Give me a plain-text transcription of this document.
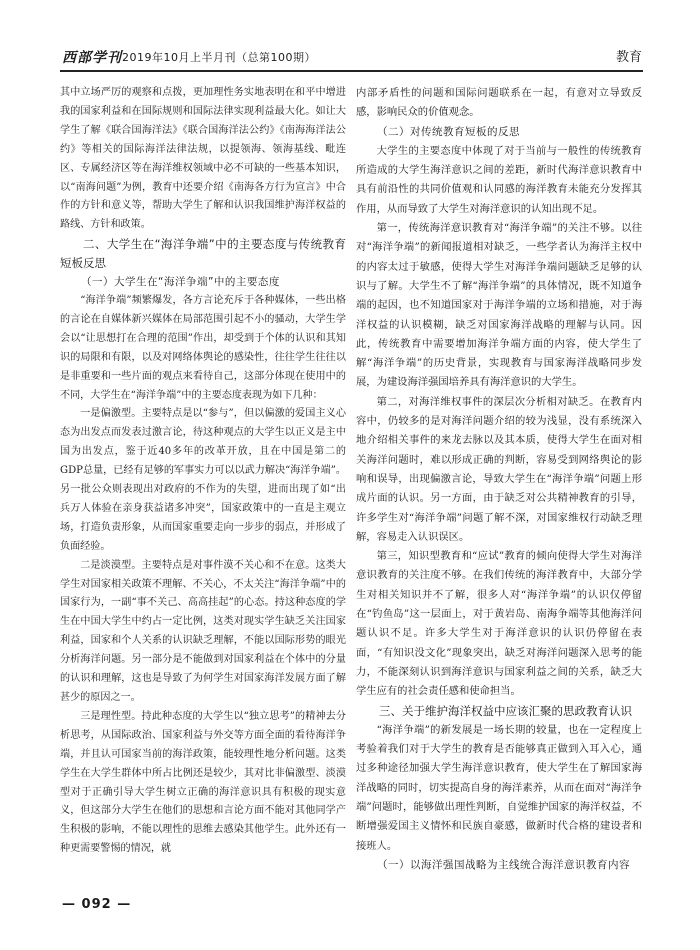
西部学刊 2019年10月上半月刊（总第100期）	教育

其中立场严厉的观察和点拨，更加理性务实地表明在和平中增进我的国家利益和在国际规则和国际法律实现利益最大化。如让大学生了解《联合国海洋法》《联合国海洋法公约》《南海海洋法公约》等相关的国际海洋法律法规，以提领海、领海基线、毗连区、专属经济区等在海洋维权领域中必不可缺的一些基本知识，以“南海问题”为例，教育中还要介绍《南海各方行为宣言》中合作的方针和意义等，帮助大学生了解和认识我国维护海洋权益的路线、方针和政策。

二、大学生在“海洋争端”中的主要态度与传统教育短板反思

（一）大学生在“海洋争端”中的主要态度

“海洋争端”频繁爆发，各方言论充斥于各种媒体，一些出格的言论在自媒体新兴媒体在局部范围引起不小的骚动，大学生学会以“让思想打在合理的范围”作出，却受到于个体的认识和其知识的局限和有限，以及对网络体舆论的感染性，往往学生往往以是非重要和一些片面的观点来看待自己，这部分体现在使用中的不同，大学生在“海洋争端”中的主要态度表现为如下几种：

一是偏激型。主要特点是以“参与”，但以偏激的爱国主义心态为出发点而发表过激言论，待这种观点的大学生以正义是主中国为出发点，鉴于近40多年的改革开放，且在中国是第二的GDP总量，已经有足够的军事实力可以以武力解决“海洋争端”。另一批公众则表现出对政府的不作为的失望，进而出现了如“出兵万人体验在亲身获益诸多冲突”，国家政策中的一直是主观立场，打造负责形象，从而国家重要走向一步步的弱点，并形成了负面经验。

二是淡漠型。主要特点是对事件漠不关心和不在意。这类大学生对国家相关政策不理解、不关心，不太关注“海洋争端”中的国家行为，一副“事不关己、高高挂起”的心态。持这种态度的学生在中国大学生中约占一定比例，这类对现实学生缺乏关注国家利益，国家和个人关系的认识缺乏理解，不能以国际形势的眼光分析海洋问题。另一部分是不能做到对国家利益在个体中的分量的认识和理解，这也是导致了为何学生对国家海洋发展方面了解甚少的原因之一。

三是理性型。持此种态度的大学生以“独立思考”的精神去分析思考，从国际政治、国家利益与外交等方面全面的看待海洋争端，并且认可国家当前的海洋政策，能较理性地分析问题。这类学生在大学生群体中所占比例还是较少，其对比非偏激型、淡漠型对于正确引导大学生树立正确的海洋意识具有积极的现实意义，但这部分大学生在他们的思想和言论方面不能对其他同学产生积极的影响，不能以理性的思维去感染其他学生。此外还有一种更需要警惕的情况，就

内部矛盾性的问题和国际问题联系在一起，有意对立导致反感，影响民众的价值观念。

（二）对传统教育短板的反思

大学生的主要态度中体现了对于当前与一般性的传统教育所造成的大学生海洋意识之间的差距，新时代海洋意识教育中具有前沿性的共同价值观和认同感的海洋教育未能充分发挥其作用，从而导致了大学生对海洋意识的认知出现不足。

第一，传统海洋意识教育对“海洋争端”的关注不够。以往对“海洋争端”的新闻报道相对缺乏，一些学者认为海洋主权中的内容太过于敏感，使得大学生对海洋争端问题缺乏足够的认识与了解。大学生不了解“海洋争端”的具体情况，既不知道争端的起因，也不知道国家对于海洋争端的立场和措施，对于海洋权益的认识模糊，缺乏对国家海洋战略的理解与认同。因此，传统教育中需要增加海洋争端方面的内容，使大学生了解“海洋争端”的历史背景，实现教育与国家海洋战略同步发展，为建设海洋强国培养具有海洋意识的大学生。

第二，对海洋维权事件的深层次分析相对缺乏。在教育内容中，仍较多的是对海洋问题介绍的较为浅显，没有系统深入地介绍相关事件的来龙去脉以及其本质，使得大学生在面对相关海洋问题时，难以形成正确的判断，容易受到网络舆论的影响和误导，出现偏激言论，导致大学生在“海洋争端”问题上形成片面的认识。另一方面，由于缺乏对公共精神教育的引导，许多学生对“海洋争端”问题了解不深，对国家维权行动缺乏理解，容易走入认识误区。

第三，知识型教育和“应试”教育的倾向使得大学生对海洋意识教育的关注度不够。在我们传统的海洋教育中，大部分学生对相关知识并不了解，很多人对“海洋争端”的认识仅停留在“钓鱼岛”这一层面上，对于黄岩岛、南海争端等其他海洋问题认识不足。许多大学生对于海洋意识的认识仍停留在表面，“有知识没文化”现象突出，缺乏对海洋问题深入思考的能力，不能深刻认识到海洋意识与国家利益之间的关系，缺乏大学生应有的社会责任感和使命担当。

三、关于维护海洋权益中应该汇聚的思政教育认识

“海洋争端”的新发展是一场长期的较量，也在一定程度上考验着我们对于大学生的教育是否能够真正做到入耳入心，通过多种途径加强大学生海洋意识教育，使大学生在了解国家海洋战略的同时，切实提高自身的海洋素养，从而在面对“海洋争端”问题时，能够做出理性判断，自觉维护国家的海洋权益，不断增强爱国主义情怀和民族自豪感，做新时代合格的建设者和接班人。

（一）以海洋强国战略为主线统合海洋意识教育内容

— 092 —
